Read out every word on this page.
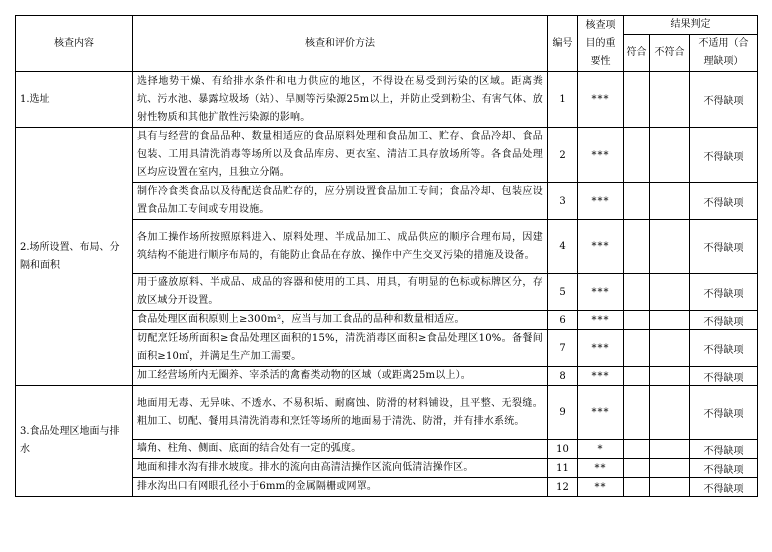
核查内容	核查和评价方法	编号	核查项目的重要性	结果判定		
				符合	不符合	不适用（合理缺项）
1.选址	选择地势干燥、有给排水条件和电力供应的地区，不得设在易受到污染的区域。距离粪坑、污水池、暴露垃圾场（站）、旱厕等污染源25m以上，并防止受到粉尘、有害气体、放射性物质和其他扩散性污染源的影响。	1	***			不得缺项
2.场所设置、布局、分隔和面积	具有与经营的食品品种、数量相适应的食品原料处理和食品加工、贮存、食品冷却、食品包装、工用具清洗消毒等场所以及食品库房、更衣室、清洁工具存放场所等。各食品处理区均应设置在室内，且独立分隔。	2	***			不得缺项
	制作冷食类食品以及待配送食品贮存的，应分别设置食品加工专间；食品冷却、包装应设置食品加工专间或专用设施。	3	***			不得缺项
	各加工操作场所按照原料进入、原料处理、半成品加工、成品供应的顺序合理布局，因建筑结构不能进行顺序布局的，有能防止食品在存放、操作中产生交叉污染的措施及设备。	4	***			不得缺项
	用于盛放原料、半成品、成品的容器和使用的工具、用具，有明显的色标或标牌区分，存放区域分开设置。	5	***			不得缺项
	食品处理区面积原则上≥300m²，应当与加工食品的品种和数量相适应。	6	***			不得缺项
	切配烹饪场所面积≥食品处理区面积的15%，清洗消毒区面积≥食品处理区10%。备餐间面积≥10㎡，并满足生产加工需要。	7	***			不得缺项
	加工经营场所内无圈养、宰杀活的禽畜类动物的区域（或距离25m以上）。	8	***			不得缺项
3.食品处理区地面与排水	地面用无毒、无异味、不透水、不易积垢、耐腐蚀、防滑的材料铺设，且平整、无裂缝。粗加工、切配、餐用具清洗消毒和烹饪等场所的地面易于清洗、防滑，并有排水系统。	9	***			不得缺项
	墙角、柱角、侧面、底面的结合处有一定的弧度。	10	*			不得缺项
	地面和排水沟有排水坡度。排水的流向由高清洁操作区流向低清洁操作区。	11	**			不得缺项
	排水沟出口有网眼孔径小于6mm的金属隔栅或网罩。	12	**			不得缺项
